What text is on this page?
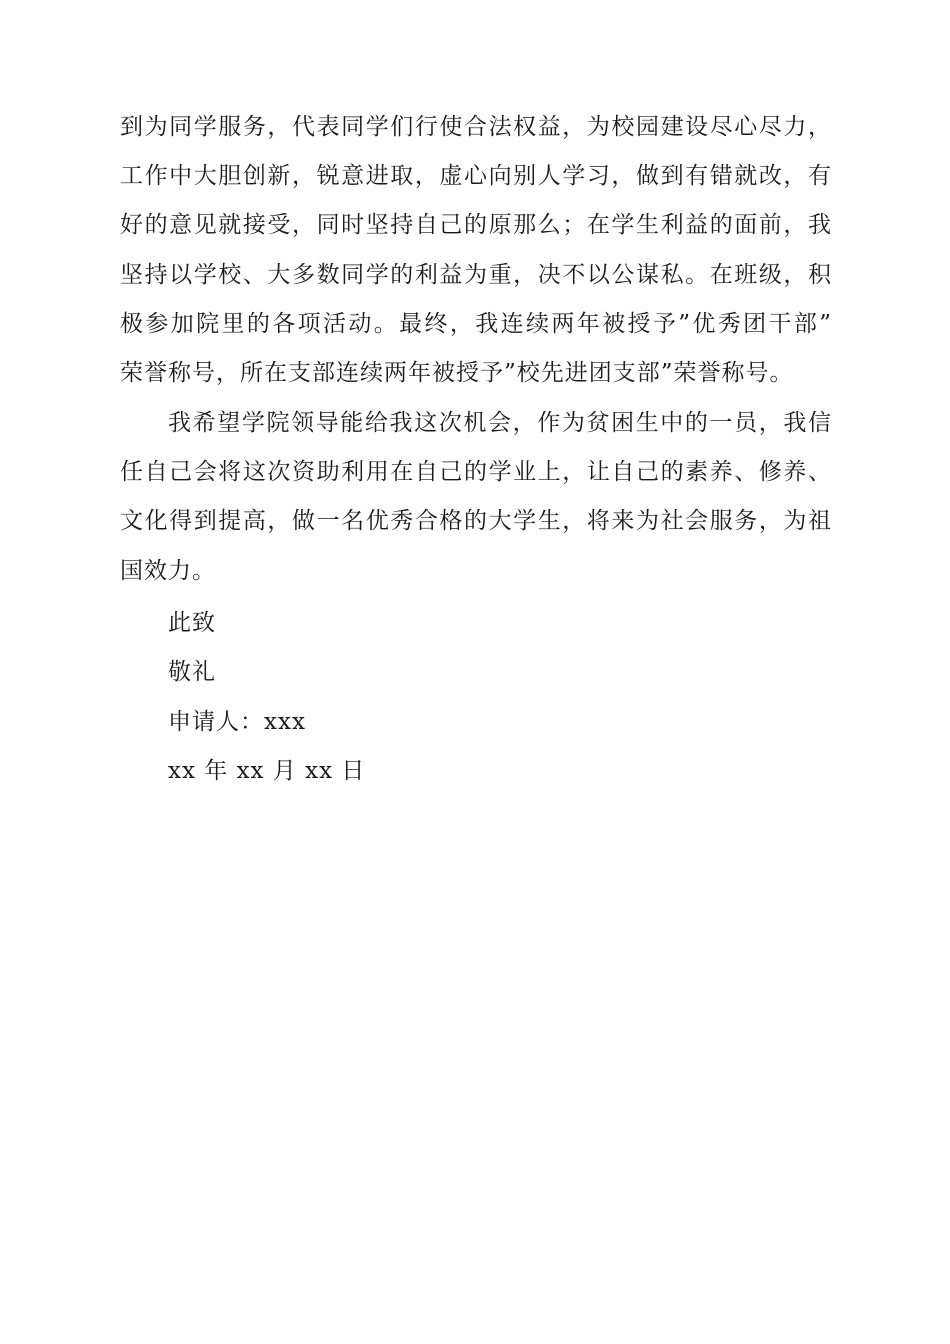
到为同学服务，代表同学们行使合法权益，为校园建设尽心尽力，
工作中大胆创新，锐意进取，虚心向别人学习，做到有错就改，有
好的意见就接受，同时坚持自己的原那么；在学生利益的面前，我
坚持以学校、大多数同学的利益为重，决不以公谋私。在班级，积
极参加院里的各项活动。最终，我连续两年被授予”优秀团干部”
荣誉称号，所在支部连续两年被授予”校先进团支部”荣誉称号。
我希望学院领导能给我这次机会，作为贫困生中的一员，我信
任自己会将这次资助利用在自己的学业上，让自己的素养、修养、
文化得到提高，做一名优秀合格的大学生，将来为社会服务，为祖
国效力。
此致
敬礼
申请人：xxx
xx 年 xx 月 xx 日
